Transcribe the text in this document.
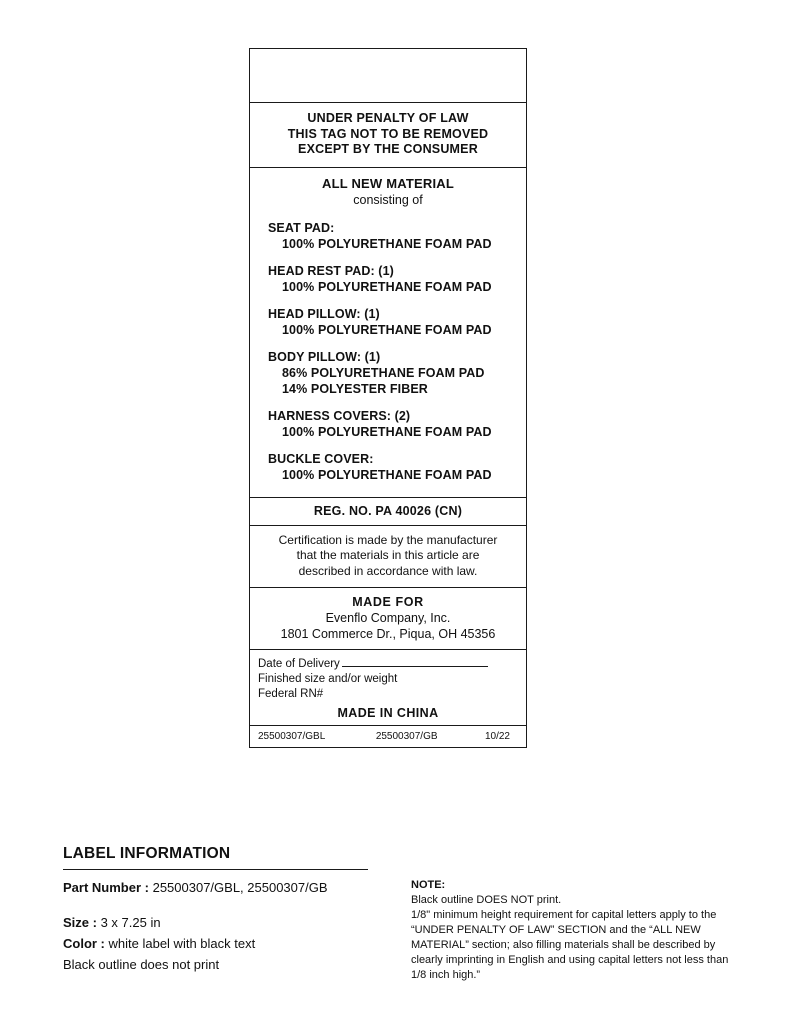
UNDER PENALTY OF LAW
THIS TAG NOT TO BE REMOVED
EXCEPT BY THE CONSUMER
ALL NEW MATERIAL
consisting of
SEAT PAD:
100% POLYURETHANE FOAM PAD
HEAD REST PAD: (1)
100% POLYURETHANE FOAM PAD
HEAD PILLOW: (1)
100% POLYURETHANE FOAM PAD
BODY PILLOW: (1)
86% POLYURETHANE FOAM PAD
14% POLYESTER FIBER
HARNESS COVERS: (2)
100% POLYURETHANE FOAM PAD
BUCKLE COVER:
100% POLYURETHANE FOAM PAD
REG. NO. PA 40026 (CN)
Certification is made by the manufacturer
that the materials in this article are
described in accordance with law.
MADE FOR
Evenflo Company, Inc.
1801 Commerce Dr., Piqua, OH 45356
Date of Delivery
Finished size and/or weight
Federal RN#
MADE IN CHINA
25500307/GBL	25500307/GB	10/22
LABEL INFORMATION
Part Number : 25500307/GBL, 25500307/GB
Size : 3 x 7.25 in
Color : white label with black text
Black outline does not print
NOTE:
Black outline DOES NOT print.
1/8" minimum height requirement for capital letters apply to the
“UNDER PENALTY OF LAW” SECTION and the “ALL NEW
MATERIAL” section; also filling materials shall be described by
clearly imprinting in English and using capital letters not less than
1/8 inch high.”
